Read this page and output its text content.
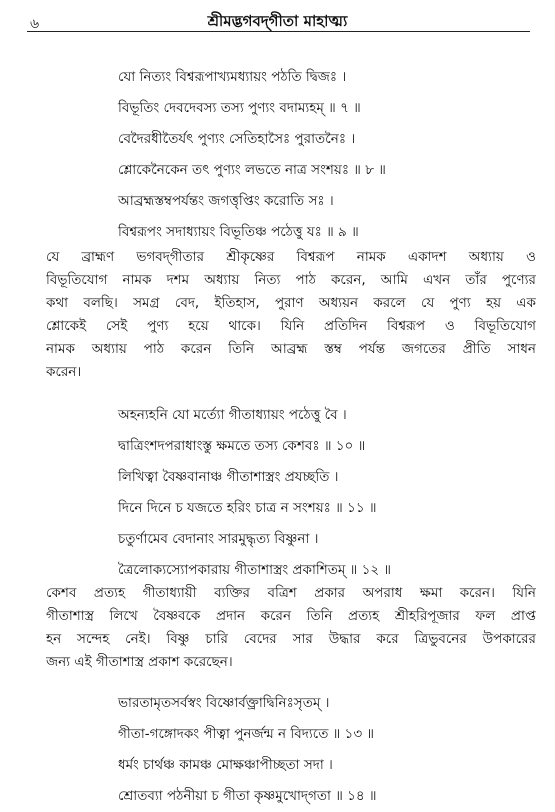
৬	শ্রীমদ্ভগবদ্‌গীতা মাহাত্ম্য
যো নিত্যং বিশ্বরূপাখ্যমধ্যায়ং পঠতি দ্বিজঃ ।
বিভূতিং দেবদেবস্য তস্য পুণ্যং বদাম্যহম্‌ ॥ ৭ ॥
বেদৈরধীতৈর্যৎ পুণ্যং সেতিহাসৈঃ পুরাতনৈঃ ।
শ্লোকেনৈকেন তৎ পুণ্যং লভতে নাত্র সংশয়ঃ ॥ ৮ ॥
আব্রহ্মস্তম্বপর্যন্তং জগত্তৃপ্তিং করোতি সঃ ।
বিশ্বরূপং সদাধ্যায়ং বিভূতিঞ্চ পঠেত্তু যঃ ॥ ৯ ॥
যে ব্রাহ্মণ ভগবদ্‌গীতার শ্রীকৃষ্ণের বিশ্বরূপ নামক একাদশ অধ্যায় ও
বিভূতিযোগ নামক দশম অধ্যায় নিত্য পাঠ করেন, আমি এখন তাঁর পুণ্যের
কথা বলছি। সমগ্র বেদ, ইতিহাস, পুরাণ অধ্যয়ন করলে যে পুণ্য হয় এক
শ্লোকেই সেই পুণ্য হয়ে থাকে। যিনি প্রতিদিন বিশ্বরূপ ও বিভূতিযোগ
নামক অধ্যায় পাঠ করেন তিনি আব্রহ্ম স্তম্ব পর্যন্ত জগতের প্রীতি সাধন
করেন।
অহন্যহনি যো মর্ত্যো গীতাধ্যায়ং পঠেত্তু বৈ ।
দ্বাত্রিংশদপরাধাংস্তু ক্ষমতে তস্য কেশবঃ ॥ ১০ ॥
লিখিত্বা বৈষ্ণবানাঞ্চ গীতাশাস্ত্রং প্রযচ্ছতি ।
দিনে দিনে চ যজতে হরিং চাত্র ন সংশয়ঃ ॥ ১১ ॥
চতুর্ণামেব বেদানাং সারমুদ্ধৃত্য বিষ্ণুনা ।
ত্রৈলোক্যস্যোপকারায় গীতাশাস্ত্রং প্রকাশিতম্‌ ॥ ১২ ॥
কেশব প্রত্যহ গীতাধ্যায়ী ব্যক্তির বত্রিশ প্রকার অপরাধ ক্ষমা করেন। যিনি
গীতাশাস্ত্র লিখে বৈষ্ণবকে প্রদান করেন তিনি প্রত্যহ শ্রীহরিপূজার ফল প্রাপ্ত
হন সন্দেহ নেই। বিষ্ণু চারি বেদের সার উদ্ধার করে ত্রিভুবনের উপকারের
জন্য এই গীতাশাস্ত্র প্রকাশ করেছেন।
ভারতামৃতসর্বস্বং বিষ্ণোর্বক্ত্রাদ্বিনিঃসৃতম্‌ ।
গীতা-গঙ্গোদকং পীত্বা পুনর্জন্ম ন বিদ্যতে ॥ ১৩ ॥
ধর্মং চার্থঞ্চ কামঞ্চ মোক্ষঞ্চাপীচ্ছতা সদা ।
শ্রোতব্যা পঠনীয়া চ গীতা কৃষ্ণমুখোদ্‌গতা ॥ ১৪ ॥
